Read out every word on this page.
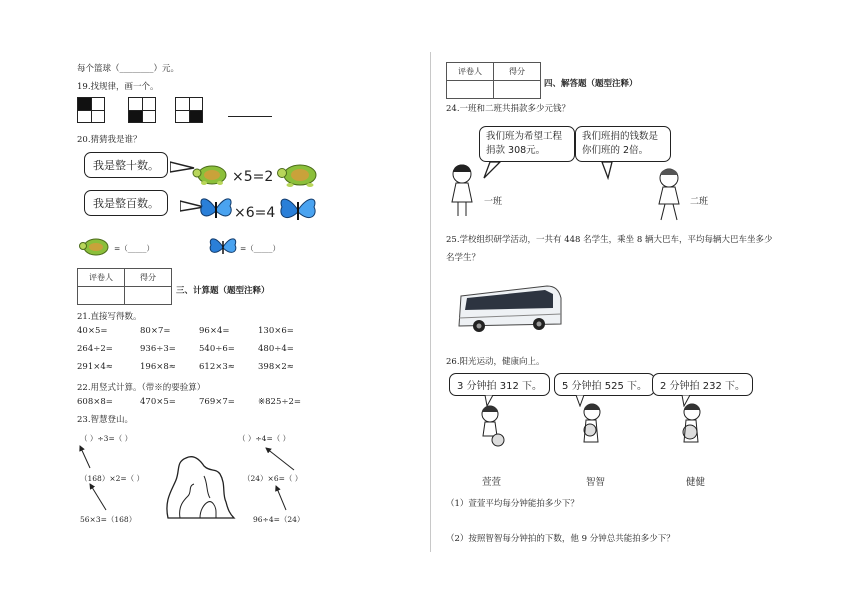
每个篮球（________）元。
19.找规律，画一个。
20.猜猜我是谁？
我是整十数。
×5=2
我是整百数。
×6=4
=（_____）	=（_____）
评卷人	得分

三、计算题（题型注释）
21.直接写得数。
40×5=	80×7=	96×4=	130×6=
264÷2=	936÷3=	540÷6=	480÷4=
291×4≈	196×8≈	612×3≈	398×2≈
22.用竖式计算。（带※的要验算）
608×8=	470×5=	769×7=	※825÷2=
23.智慧登山。
（ ）÷3=（ ）
（168）×2=（ ）
56×3=（168）
（ ）÷4=（ ）
（24）×6=（ ）
96÷4=（24）
评卷人	得分

四、解答题（题型注释）
24.一班和二班共捐款多少元钱？
我们班为希望工程捐款 308元。
我们班捐的钱数是你们班的 2倍。
一班	二班
25.学校组织研学活动，一共有 448 名学生，乘坐 8 辆大巴车，平均每辆大巴车坐多少
名学生？
26.阳光运动，健康向上。
3 分钟拍 312 下。	5 分钟拍 525 下。	2 分钟拍 232 下。
萱萱	智智	健健
（1）萱萱平均每分钟能拍多少下？
（2）按照智智每分钟拍的下数，他 9 分钟总共能拍多少下？
